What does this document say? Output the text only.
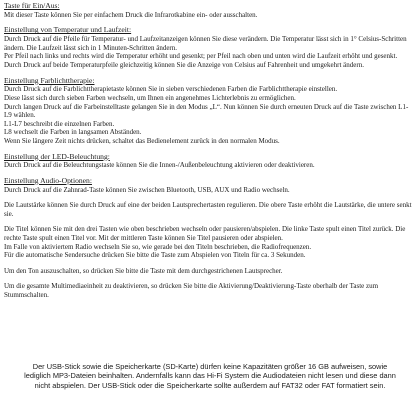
Taste für Ein/Aus:

Mit dieser Taste können Sie per einfachem Druck die Infrarotkabine ein- oder ausschalten.

Einstellung von Temperatur und Laufzeit:

Durch Druck auf die Pfeile für Temperatur- und Laufzeitanzeigen können Sie diese verändern. Die Temperatur lässt sich in 1° Celsius-Schritten ändern. Die Laufzeit lässt sich in 1 Minuten-Schritten ändern.

Per Pfeil nach links und rechts wird die Temperatur erhöht und gesenkt; per Pfeil nach oben und unten wird die Laufzeit erhöht und gesenkt.

Durch Druck auf beide Temperaturpfeile gleichzeitig können Sie die Anzeige von Celsius auf Fahrenheit und umgekehrt ändern.

Einstellung Farblichttherapie:

Durch Druck auf die Farblichttherapietaste können Sie in sieben verschiedenen Farben die Farblichttherapie einstellen.

Diese lässt sich durch sieben Farben wechseln, um Ihnen ein angenehmes Lichterlebnis zu ermöglichen.

Durch langen Druck auf die Farbeinstelltaste gelangen Sie in den Modus „L“. Nun können Sie durch erneuten Druck auf die Taste zwischen L1-L9 wählen.

L1-L7 beschreibt die einzelnen Farben.

L8 wechselt die Farben in langsamen Abständen.

Wenn Sie längere Zeit nichts drücken, schaltet das Bedienelement zurück in den normalen Modus.

Einstellung der LED-Beleuchtung:

Durch Druck auf die Beleuchtungstaste können Sie die Innen-/Außenbeleuchtung aktivieren oder deaktivieren.

Einstellung Audio-Optionen:

Durch Druck auf die Zahnrad-Taste können Sie zwischen Bluetooth, USB, AUX und Radio wechseln.

Die Lautstärke können Sie durch Druck auf eine der beiden Lautsprechertasten regulieren. Die obere Taste erhöht die Lautstärke, die untere senkt sie.

Die Titel können Sie mit den drei Tasten wie oben beschrieben wechseln oder pausieren/abspielen. Die linke Taste spult einen Titel zurück. Die rechte Taste spult einen Titel vor. Mit der mittleren Taste können Sie Titel pausieren oder abspielen.

Im Falle von aktiviertem Radio wechseln Sie so, wie gerade bei den Titeln beschrieben, die Radiofrequenzen.

Für die automatische Sendersuche drücken Sie bitte die Taste zum Abspielen von Titeln für ca. 3 Sekunden.

Um den Ton auszuschalten, so drücken Sie bitte die Taste mit dem durchgestrichenen Lautsprecher.

Um die gesamte Multimediaeinheit zu deaktivieren, so drücken Sie bitte die Aktivierung/Deaktivierung-Taste oberhalb der Taste zum Stummschalten.

Der USB-Stick sowie die Speicherkarte (SD-Karte) dürfen keine Kapazitäten größer 16 GB aufweisen, sowie lediglich MP3-Dateien beinhalten. Andernfalls kann das Hi-Fi System die Audiodateien nicht lesen und diese dann nicht abspielen. Der USB-Stick oder die Speicherkarte sollte außerdem auf FAT32 oder FAT formatiert sein.
